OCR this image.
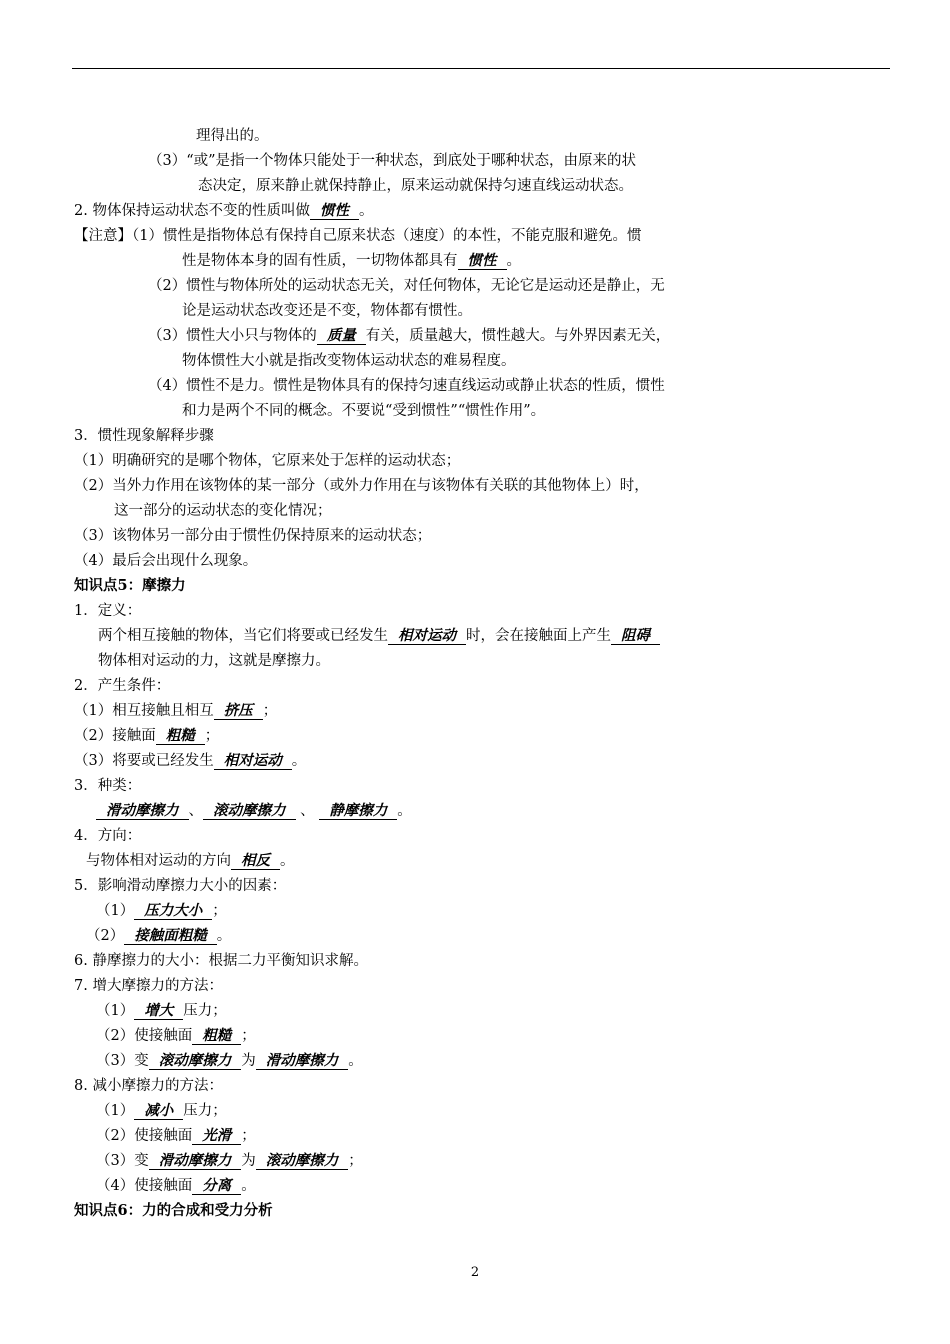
理得出的。
（3）“或”是指一个物体只能处于一种状态，到底处于哪种状态，由原来的状
态决定，原来静止就保持静止，原来运动就保持匀速直线运动状态。
2. 物体保持运动状态不变的性质叫做 惯性 。
【注意】（1）惯性是指物体总有保持自己原来状态（速度）的本性，不能克服和避免。惯
性是物体本身的固有性质，一切物体都具有 惯性 。
（2）惯性与物体所处的运动状态无关，对任何物体，无论它是运动还是静止，无
论是运动状态改变还是不变，物体都有惯性。
（3）惯性大小只与物体的 质量 有关，质量越大，惯性越大。与外界因素无关，
物体惯性大小就是指改变物体运动状态的难易程度。
（4）惯性不是力。惯性是物体具有的保持匀速直线运动或静止状态的性质，惯性
和力是两个不同的概念。不要说“受到惯性”“惯性作用”。
3．惯性现象解释步骤
（1）明确研究的是哪个物体，它原来处于怎样的运动状态；
（2）当外力作用在该物体的某一部分（或外力作用在与该物体有关联的其他物体上）时，
这一部分的运动状态的变化情况；
（3）该物体另一部分由于惯性仍保持原来的运动状态；
（4）最后会出现什么现象。
知识点5：摩擦力
1．定义：
两个相互接触的物体，当它们将要或已经发生 相对运动 时，会在接触面上产生 阻碍
物体相对运动的力，这就是摩擦力。
2．产生条件：
（1）相互接触且相互 挤压 ；
（2）接触面 粗糙 ；
（3）将要或已经发生 相对运动 。
3．种类：
滑动摩擦力 、 滚动摩擦力 、 静摩擦力 。
4．方向：
与物体相对运动的方向 相反 。
5．影响滑动摩擦力大小的因素：
（1） 压力大小 ；
（2） 接触面粗糙 。
6. 静摩擦力的大小：根据二力平衡知识求解。
7. 增大摩擦力的方法：
（1） 增大 压力；
（2）使接触面 粗糙 ；
（3）变 滚动摩擦力 为 滑动摩擦力 。
8. 减小摩擦力的方法：
（1） 减小 压力；
（2）使接触面 光滑 ；
（3）变 滑动摩擦力 为 滚动摩擦力 ；
（4）使接触面 分离 。
知识点6：力的合成和受力分析
2
